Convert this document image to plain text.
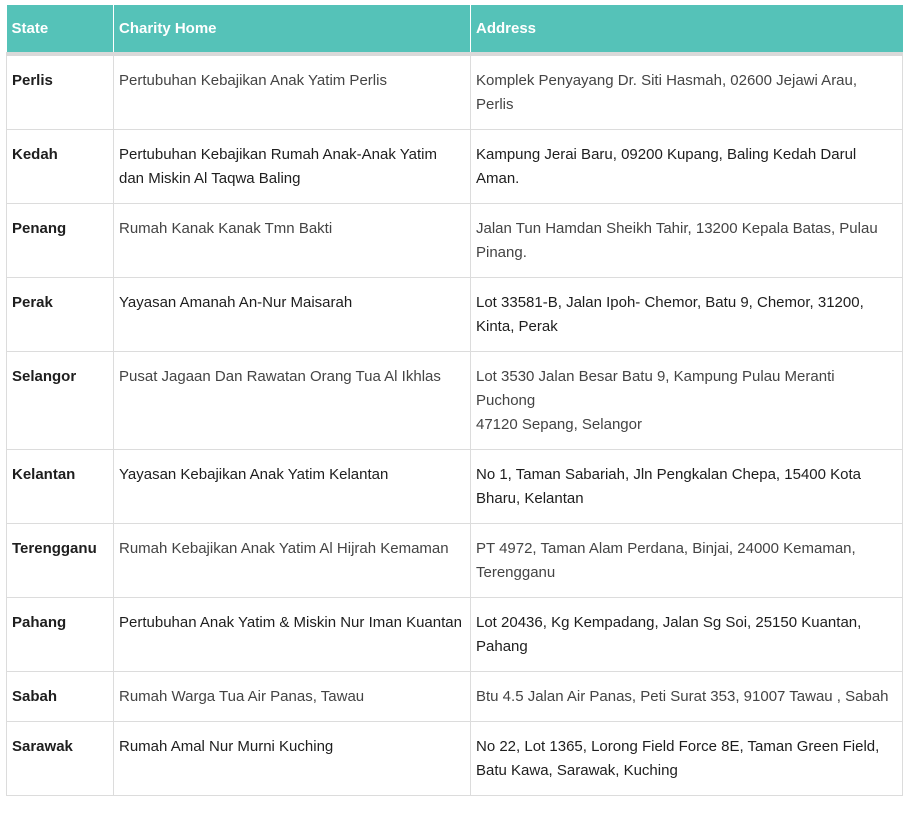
State	Charity Home	Address
Perlis	Pertubuhan Kebajikan Anak Yatim Perlis	Komplek Penyayang Dr. Siti Hasmah, 02600 Jejawi Arau, Perlis
Kedah	Pertubuhan Kebajikan Rumah Anak-Anak Yatim dan Miskin Al Taqwa Baling	Kampung Jerai Baru, 09200 Kupang, Baling Kedah Darul Aman.
Penang	Rumah Kanak Kanak Tmn Bakti	Jalan Tun Hamdan Sheikh Tahir, 13200 Kepala Batas, Pulau Pinang.
Perak	Yayasan Amanah An-Nur Maisarah	Lot 33581-B, Jalan Ipoh- Chemor, Batu 9, Chemor, 31200, Kinta, Perak
Selangor	Pusat Jagaan Dan Rawatan Orang Tua Al Ikhlas	Lot 3530 Jalan Besar Batu 9, Kampung Pulau Meranti Puchong
47120 Sepang, Selangor

Kelantan	Yayasan Kebajikan Anak Yatim Kelantan	No 1, Taman Sabariah, Jln Pengkalan Chepa, 15400 Kota Bharu, Kelantan
Terengganu	Rumah Kebajikan Anak Yatim Al Hijrah Kemaman	PT 4972, Taman Alam Perdana, Binjai, 24000 Kemaman, Terengganu
Pahang	Pertubuhan Anak Yatim & Miskin Nur Iman Kuantan	Lot 20436, Kg Kempadang, Jalan Sg Soi, 25150 Kuantan, Pahang
Sabah	Rumah Warga Tua Air Panas, Tawau	Btu 4.5 Jalan Air Panas, Peti Surat 353, 91007 Tawau , Sabah
Sarawak	Rumah Amal Nur Murni Kuching	No 22, Lot 1365, Lorong Field Force 8E, Taman Green Field, Batu Kawa, Sarawak, Kuching
